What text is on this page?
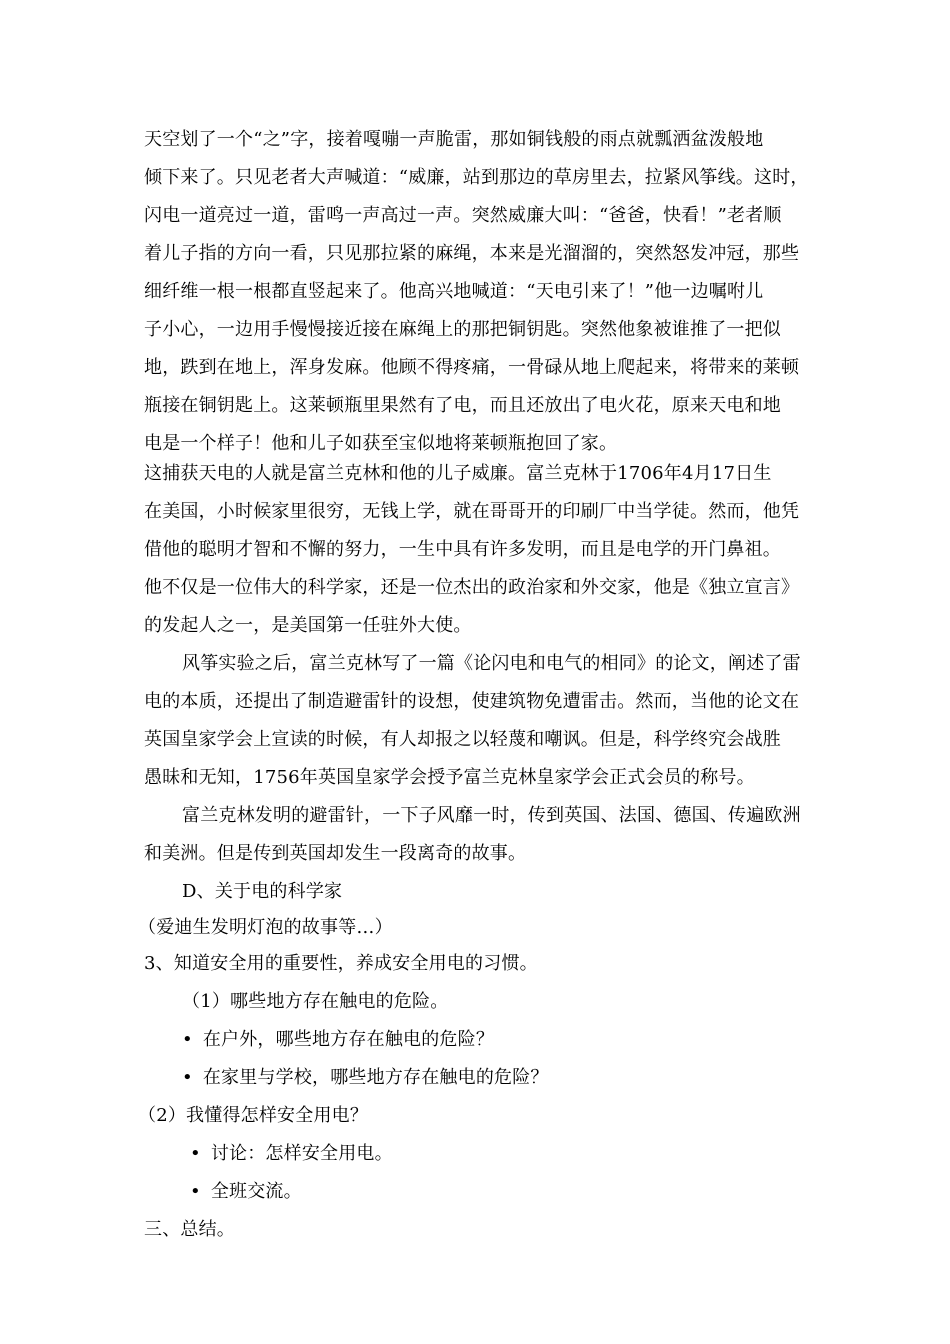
天空划了一个“之”字，接着嘎嘣一声脆雷，那如铜钱般的雨点就瓢洒盆泼般地
倾下来了。只见老者大声喊道：“威廉，站到那边的草房里去，拉紧风筝线。这时，
闪电一道亮过一道，雷鸣一声高过一声。突然威廉大叫：“爸爸，快看！”老者顺
着儿子指的方向一看，只见那拉紧的麻绳，本来是光溜溜的，突然怒发冲冠，那些
细纤维一根一根都直竖起来了。他高兴地喊道：“天电引来了！”他一边嘱咐儿
子小心，一边用手慢慢接近接在麻绳上的那把铜钥匙。突然他象被谁推了一把似
地，跌到在地上，浑身发麻。他顾不得疼痛，一骨碌从地上爬起来，将带来的莱顿
瓶接在铜钥匙上。这莱顿瓶里果然有了电，而且还放出了电火花，原来天电和地
电是一个样子！他和儿子如获至宝似地将莱顿瓶抱回了家。
这捕获天电的人就是富兰克林和他的儿子威廉。富兰克林于1706年4月17日生
在美国，小时候家里很穷，无钱上学，就在哥哥开的印刷厂中当学徒。然而，他凭
借他的聪明才智和不懈的努力，一生中具有许多发明，而且是电学的开门鼻祖。
他不仅是一位伟大的科学家，还是一位杰出的政治家和外交家，他是《独立宣言》
的发起人之一，是美国第一任驻外大使。
风筝实验之后，富兰克林写了一篇《论闪电和电气的相同》的论文，阐述了雷
电的本质，还提出了制造避雷针的设想，使建筑物免遭雷击。然而，当他的论文在
英国皇家学会上宣读的时候，有人却报之以轻蔑和嘲讽。但是，科学终究会战胜
愚昧和无知，1756年英国皇家学会授予富兰克林皇家学会正式会员的称号。
富兰克林发明的避雷针，一下子风靡一时，传到英国、法国、德国、传遍欧洲
和美洲。但是传到英国却发生一段离奇的故事。
D、关于电的科学家
（爱迪生发明灯泡的故事等…）
3、知道安全用的重要性，养成安全用电的习惯。
（1）哪些地方存在触电的危险。
• 在户外，哪些地方存在触电的危险？
• 在家里与学校，哪些地方存在触电的危险？
（2）我懂得怎样安全用电？
• 讨论：怎样安全用电。
• 全班交流。
三、总结。
